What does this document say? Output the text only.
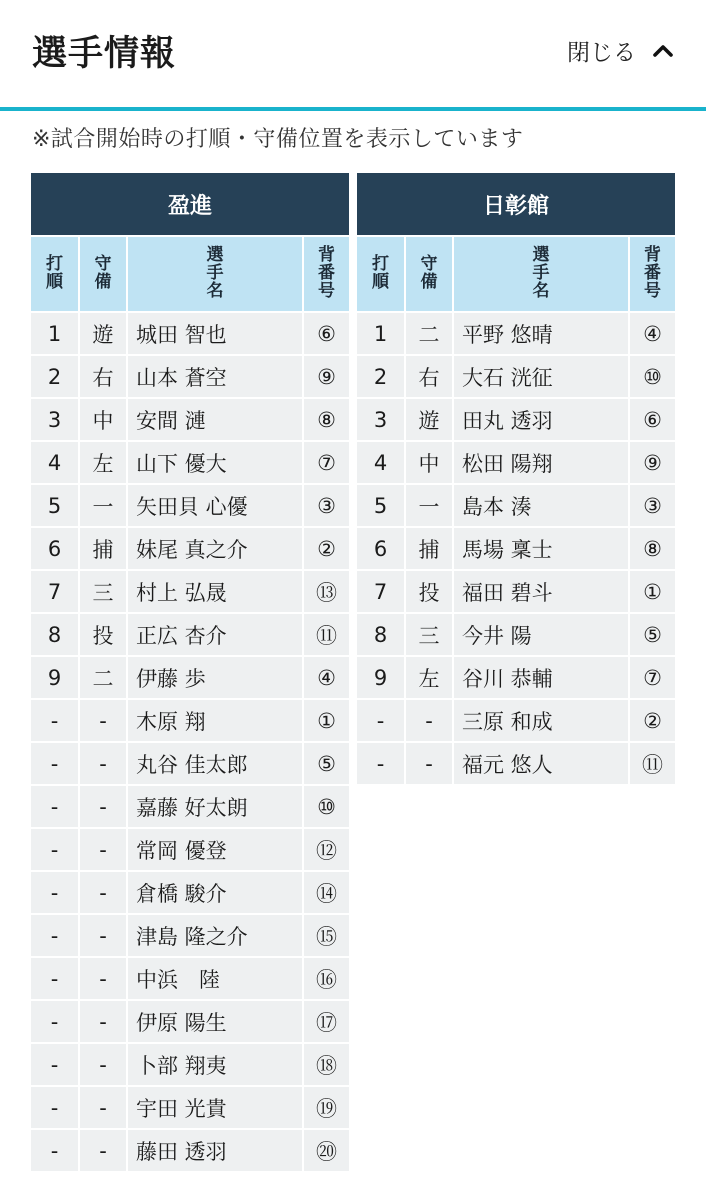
選手情報	閉じる

※試合開始時の打順・守備位置を表示しています

盈進			
打順	守備	選手名	背番号
1	遊	城田 智也	⑥
2	右	山本 蒼空	⑨
3	中	安間 漣	⑧
4	左	山下 優大	⑦
5	一	矢田貝 心優	③
6	捕	妹尾 真之介	②
7	三	村上 弘晟	⑬
8	投	正広 杏介	⑪
9	二	伊藤 歩	④
-	-	木原 翔	①
-	-	丸谷 佳太郎	⑤
-	-	嘉藤 好太朗	⑩
-	-	常岡 優登	⑫
-	-	倉橋 駿介	⑭
-	-	津島 隆之介	⑮
-	-	中浜　陸	⑯
-	-	伊原 陽生	⑰
-	-	卜部 翔夷	⑱
-	-	宇田 光貴	⑲
-	-	藤田 透羽	⑳
日彰館			
打順	守備	選手名	背番号
1	二	平野 悠晴	④
2	右	大石 洸征	⑩
3	遊	田丸 透羽	⑥
4	中	松田 陽翔	⑨
5	一	島本 湊	③
6	捕	馬場 稟士	⑧
7	投	福田 碧斗	①
8	三	今井 陽	⑤
9	左	谷川 恭輔	⑦
-	-	三原 和成	②
-	-	福元 悠人	⑪
